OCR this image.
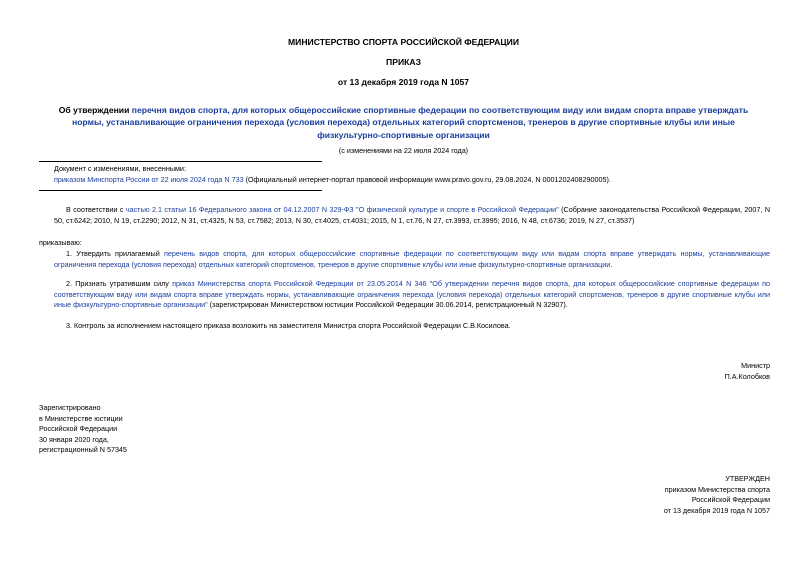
МИНИСТЕРСТВО СПОРТА РОССИЙСКОЙ ФЕДЕРАЦИИ
ПРИКАЗ
от 13 декабря 2019 года N 1057

Об утверждении перечня видов спорта, для которых общероссийские спортивные федерации по соответствующим виду или видам спорта вправе утверждать

нормы, устанавливающие ограничения перехода (условия перехода) отдельных категорий спортсменов, тренеров в другие спортивные клубы или иные

физкультурно-спортивные организации

(с изменениями на 22 июля 2024 года)

Документ с изменениями, внесенными:

приказом Минспорта России от 22 июля 2024 года N 733 (Официальный интернет-портал правовой информации www.pravo.gov.ru, 29.08.2024, N 0001202408290005).

В соответствии с частью 2.1 статьи 16 Федерального закона от 04.12.2007 N 329-ФЗ "О физической культуре и спорте в Российской Федерации" (Собрание законодательства Российской Федерации, 2007, N 50, ст.6242; 2010, N 19, ст.2290; 2012, N 31, ст.4325, N 53, ст.7582; 2013, N 30, ст.4025, ст.4031; 2015, N 1, ст.76, N 27, ст.3993, ст.3995; 2016, N 48, ст.6736; 2019, N 27, ст.3537)
приказываю:
1. Утвердить прилагаемый перечень видов спорта, для которых общероссийские спортивные федерации по соответствующим виду или видам спорта вправе утверждать нормы, устанавливающие ограничения перехода (условия перехода) отдельных категорий спортсменов, тренеров в другие спортивные клубы или иные физкультурно-спортивные организации.
2. Признать утратившим силу приказ Министерства спорта Российской Федерации от 23.05.2014 N 346 "Об утверждении перечня видов спорта, для которых общероссийские спортивные федерации по соответствующим виду или видам спорта вправе утверждать нормы, устанавливающие ограничения перехода (условия перехода) отдельных категорий спортсменов, тренеров в другие спортивные клубы или иные физкультурно-спортивные организации" (зарегистрирован Министерством юстиции Российской Федерации 30.06.2014, регистрационный N 32907).
3. Контроль за исполнением настоящего приказа возложить на заместителя Министра спорта Российской Федерации С.В.Косилова.

Министр

П.А.Колобков

Зарегистрировано

в Министерстве юстиции

Российской Федерации

30 января 2020 года,

регистрационный N 57345

УТВЕРЖДЕН

приказом Министерства спорта

Российской Федерации

от 13 декабря 2019 года N 1057
